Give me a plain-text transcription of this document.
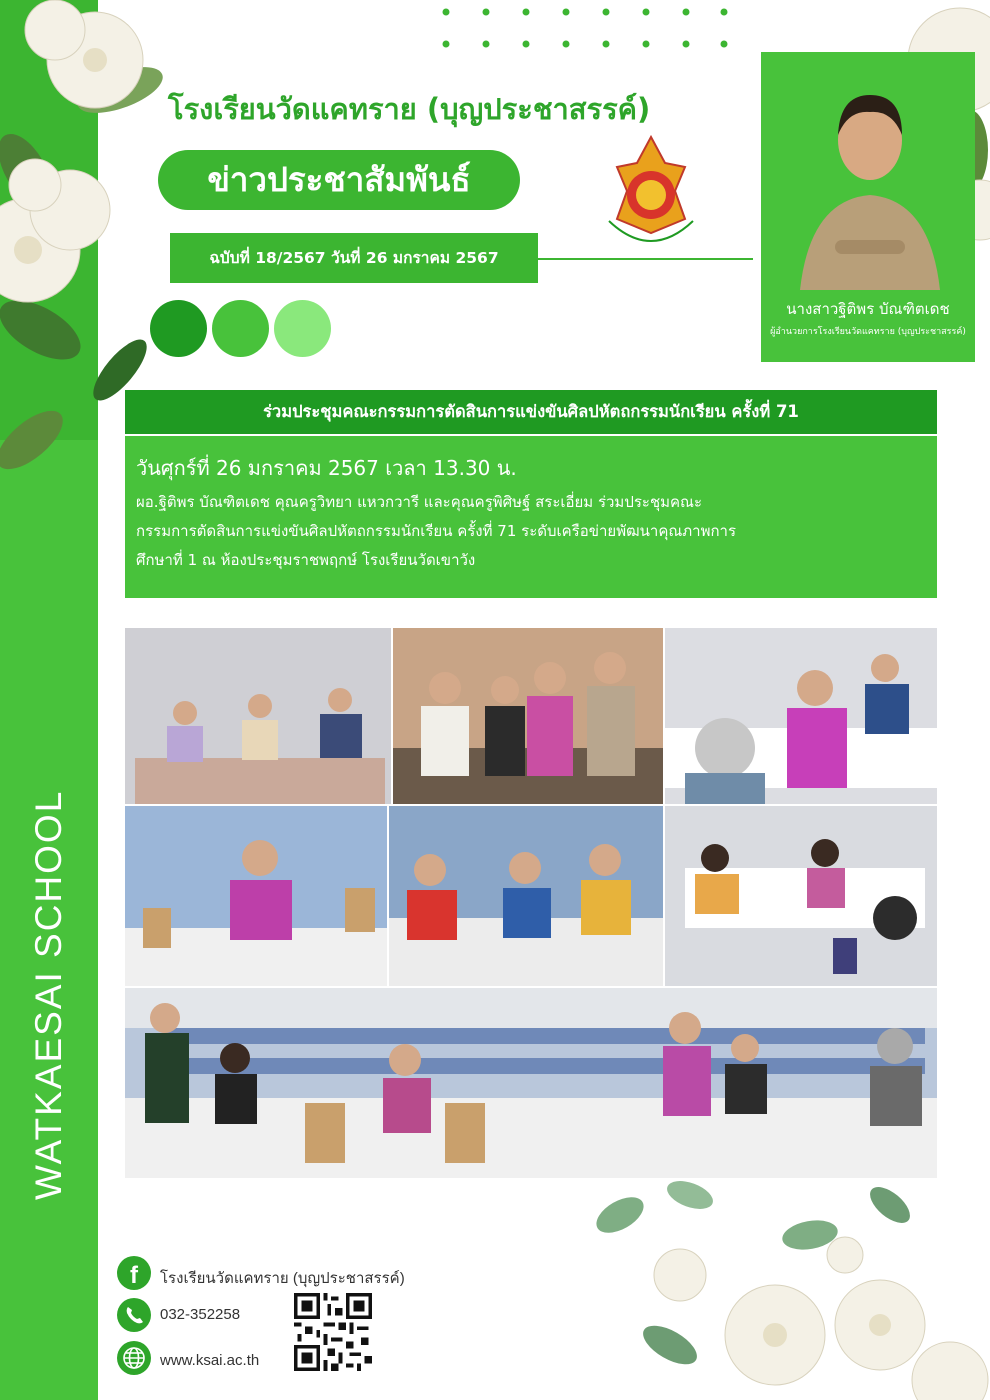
WATKAESAI SCHOOL
โรงเรียนวัดแคทราย (บุญประชาสรรค์)
ข่าวประชาสัมพันธ์
ฉบับที่ 18/2567 วันที่ 26 มกราคม 2567
นางสาวฐิติพร บัณฑิตเดช
ผู้อำนวยการโรงเรียนวัดแคทราย (บุญประชาสรรค์)
ร่วมประชุมคณะกรรมการตัดสินการแข่งขันศิลปหัตถกรรมนักเรียน ครั้งที่ 71
วันศุกร์ที่ 26 มกราคม 2567 เวลา 13.30 น.

ผอ.ฐิติพร บัณฑิตเดช คุณครูวิทยา แหวกวารี และคุณครูพิศิษฐ์ สระเอี่ยม ร่วมประชุมคณะ

กรรมการตัดสินการแข่งขันศิลปหัตถกรรมนักเรียน ครั้งที่ 71 ระดับเครือข่ายพัฒนาคุณภาพการ

ศึกษาที่ 1 ณ ห้องประชุมราชพฤกษ์ โรงเรียนวัดเขาวัง

f โรงเรียนวัดแคทราย (บุญประชาสรรค์)
032-352258
www.ksai.ac.th
